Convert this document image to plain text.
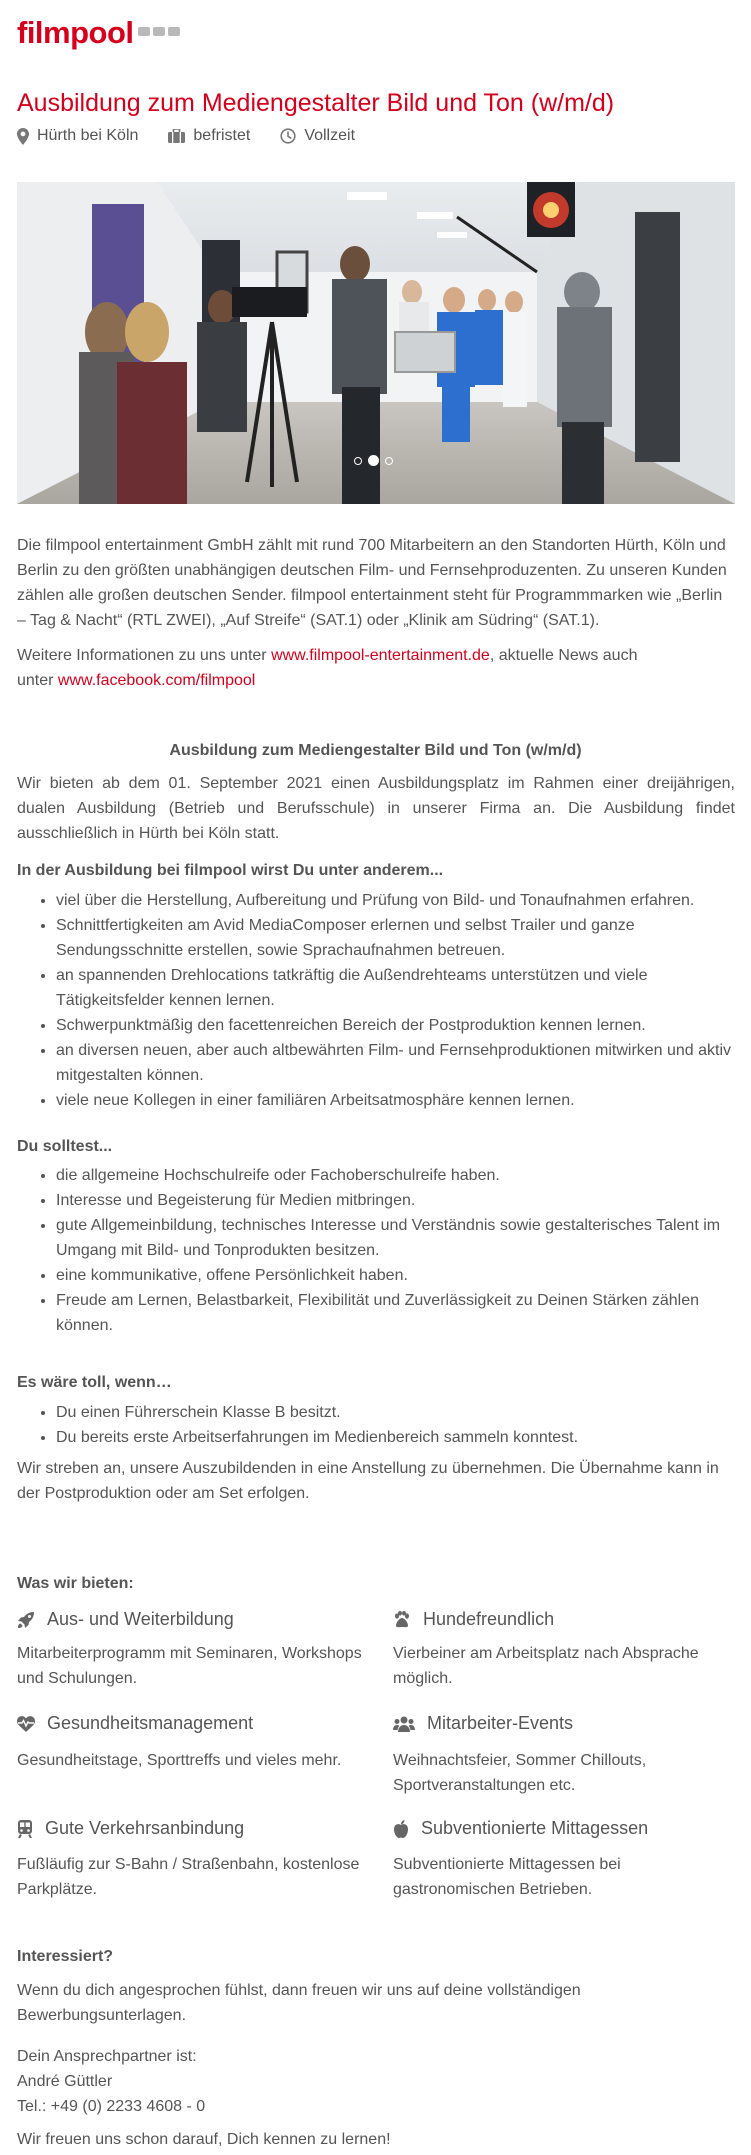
filmpool
Ausbildung zum Mediengestalter Bild und Ton (w/m/d)
Hürth bei Köln	befristet	Vollzeit

Die filmpool entertainment GmbH zählt mit rund 700 Mitarbeitern an den Standorten Hürth, Köln und Berlin zu den größten unabhängigen deutschen Film- und Fernsehproduzenten. Zu unseren Kunden zählen alle großen deutschen Sender. filmpool entertainment steht für Programmmarken wie „Berlin – Tag & Nacht“ (RTL ZWEI), „Auf Streife“ (SAT.1) oder „Klinik am Südring“ (SAT.1).

Weitere Informationen zu uns unter www.filmpool-entertainment.de, aktuelle News auch
unter www.facebook.com/filmpool

Ausbildung zum Mediengestalter Bild und Ton (w/m/d)

Wir bieten ab dem 01. September 2021 einen Ausbildungsplatz im Rahmen einer dreijährigen, dualen Ausbildung (Betrieb und Berufsschule) in unserer Firma an. Die Ausbildung findet ausschließlich in Hürth bei Köln statt.

In der Ausbildung bei filmpool wirst Du unter anderem...
• viel über die Herstellung, Aufbereitung und Prüfung von Bild- und Tonaufnahmen erfahren.
• Schnittfertigkeiten am Avid MediaComposer erlernen und selbst Trailer und ganze Sendungsschnitte erstellen, sowie Sprachaufnahmen betreuen.
• an spannenden Drehlocations tatkräftig die Außendrehteams unterstützen und viele Tätigkeitsfelder kennen lernen.
• Schwerpunktmäßig den facettenreichen Bereich der Postproduktion kennen lernen.
• an diversen neuen, aber auch altbewährten Film- und Fernsehproduktionen mitwirken und aktiv mitgestalten können.
• viele neue Kollegen in einer familiären Arbeitsatmosphäre kennen lernen.
Du solltest...
• die allgemeine Hochschulreife oder Fachoberschulreife haben.
• Interesse und Begeisterung für Medien mitbringen.
• gute Allgemeinbildung, technisches Interesse und Verständnis sowie gestalterisches Talent im Umgang mit Bild- und Tonprodukten besitzen.
• eine kommunikative, offene Persönlichkeit haben.
• Freude am Lernen, Belastbarkeit, Flexibilität und Zuverlässigkeit zu Deinen Stärken zählen können.
Es wäre toll, wenn…
• Du einen Führerschein Klasse B besitzt.
• Du bereits erste Arbeitserfahrungen im Medienbereich sammeln konntest.

Wir streben an, unsere Auszubildenden in eine Anstellung zu übernehmen. Die Übernahme kann in der Postproduktion oder am Set erfolgen.

Was wir bieten:
Aus- und Weiterbildung

Mitarbeiterprogramm mit Seminaren, Workshops und Schulungen.

Hundefreundlich

Vierbeiner am Arbeitsplatz nach Absprache möglich.

Gesundheitsmanagement

Gesundheitstage, Sporttreffs und vieles mehr.

Mitarbeiter-Events

Weihnachtsfeier, Sommer Chillouts, Sportveranstaltungen etc.

Gute Verkehrsanbindung

Fußläufig zur S-Bahn / Straßenbahn, kostenlose Parkplätze.

Subventionierte Mittagessen

Subventionierte Mittagessen bei gastronomischen Betrieben.

Interessiert?

Wenn du dich angesprochen fühlst, dann freuen wir uns auf deine vollständigen Bewerbungsunterlagen.

Dein Ansprechpartner ist:

André Güttler

Tel.: +49 (0) 2233 4608 - 0

Wir freuen uns schon darauf, Dich kennen zu lernen!
